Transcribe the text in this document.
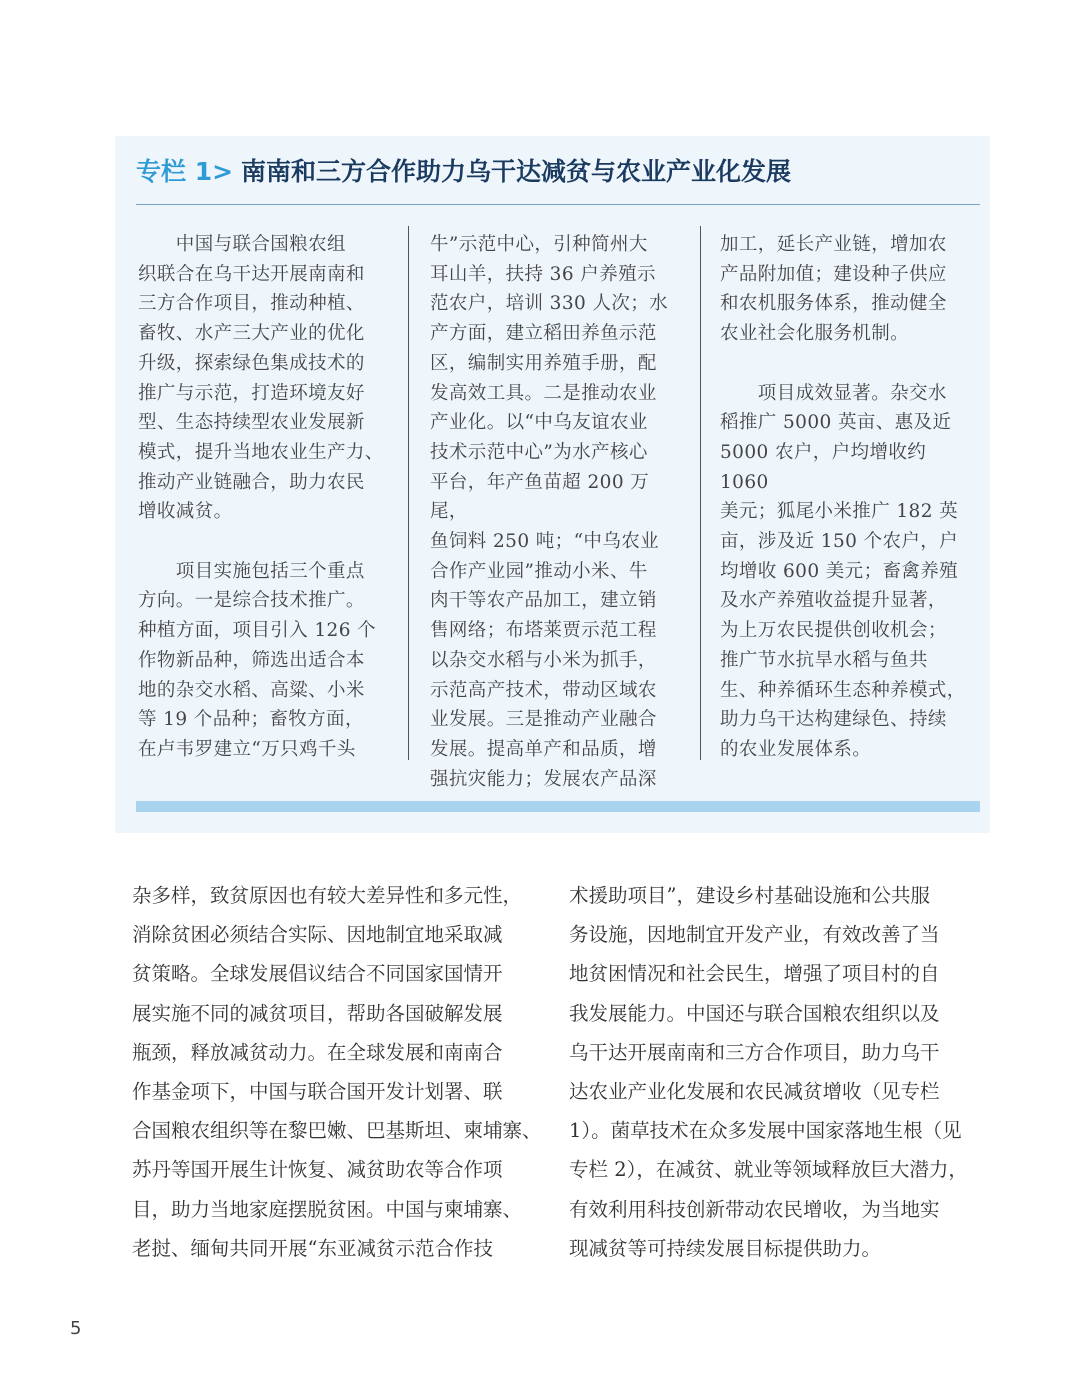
专栏 1> 南南和三方合作助力乌干达减贫与农业产业化发展

　　中国与联合国粮农组
织联合在乌干达开展南南和
三方合作项目，推动种植、
畜牧、水产三大产业的优化
升级，探索绿色集成技术的
推广与示范，打造环境友好
型、生态持续型农业发展新
模式，提升当地农业生产力、
推动产业链融合，助力农民
增收减贫。

　　项目实施包括三个重点
方向。一是综合技术推广。
种植方面，项目引入 126 个
作物新品种，筛选出适合本
地的杂交水稻、高粱、小米
等 19 个品种；畜牧方面，
在卢韦罗建立“万只鸡千头

牛”示范中心，引种简州大
耳山羊，扶持 36 户养殖示
范农户，培训 330 人次；水
产方面，建立稻田养鱼示范
区，编制实用养殖手册，配
发高效工具。二是推动农业
产业化。以“中乌友谊农业
技术示范中心”为水产核心
平台，年产鱼苗超 200 万尾，
鱼饲料 250 吨；“中乌农业
合作产业园”推动小米、牛
肉干等农产品加工，建立销
售网络；布塔莱贾示范工程
以杂交水稻与小米为抓手，
示范高产技术，带动区域农
业发展。三是推动产业融合
发展。提高单产和品质，增
强抗灾能力；发展农产品深

加工，延长产业链，增加农
产品附加值；建设种子供应
和农机服务体系，推动健全
农业社会化服务机制。

　　项目成效显著。杂交水
稻推广 5000 英亩、惠及近
5000 农户，户均增收约 1060
美元；狐尾小米推广 182 英
亩，涉及近 150 个农户，户
均增收 600 美元；畜禽养殖
及水产养殖收益提升显著，
为上万农民提供创收机会；
推广节水抗旱水稻与鱼共
生、种养循环生态种养模式，
助力乌干达构建绿色、持续
的农业发展体系。

杂多样，致贫原因也有较大差异性和多元性，
消除贫困必须结合实际、因地制宜地采取减
贫策略。全球发展倡议结合不同国家国情开
展实施不同的减贫项目，帮助各国破解发展
瓶颈，释放减贫动力。在全球发展和南南合
作基金项下，中国与联合国开发计划署、联
合国粮农组织等在黎巴嫩、巴基斯坦、柬埔寨、
苏丹等国开展生计恢复、减贫助农等合作项
目，助力当地家庭摆脱贫困。中国与柬埔寨、
老挝、缅甸共同开展“东亚减贫示范合作技

术援助项目”，建设乡村基础设施和公共服
务设施，因地制宜开发产业，有效改善了当
地贫困情况和社会民生，增强了项目村的自
我发展能力。中国还与联合国粮农组织以及
乌干达开展南南和三方合作项目，助力乌干
达农业产业化发展和农民减贫增收（见专栏
1）。菌草技术在众多发展中国家落地生根（见
专栏 2），在减贫、就业等领域释放巨大潜力，
有效利用科技创新带动农民增收，为当地实
现减贫等可持续发展目标提供助力。

5
